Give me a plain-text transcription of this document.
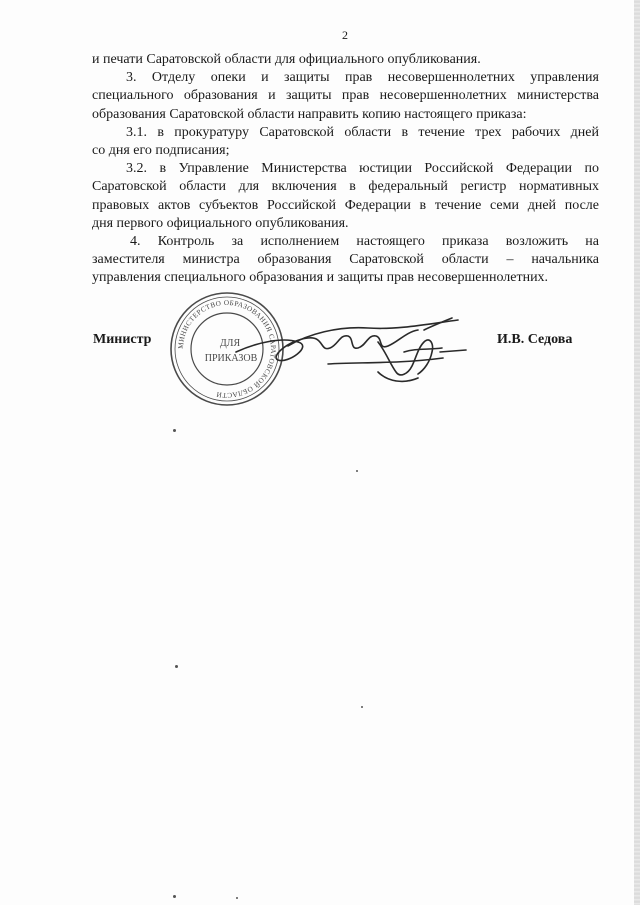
2
и печати Саратовской области для официального опубликования.
3. Отделу опеки и защиты прав несовершеннолетних управления
специального образования и защиты прав несовершеннолетних министерства
образования Саратовской области направить копию настоящего приказа:
3.1. в прокуратуру Саратовской области в течение трех рабочих дней
со дня его подписания;
3.2. в Управление Министерства юстиции Российской Федерации по
Саратовской области для включения в федеральный регистр нормативных
правовых актов субъектов Российской Федерации в течение семи дней после
дня первого официального опубликования.
4. Контроль за исполнением настоящего приказа возложить на
заместителя министра образования Саратовской области – начальника
управления специального образования и защиты прав несовершеннолетних.
МИНИСТЕРСТВО ОБРАЗОВАНИЯ САРАТОВСКОЙ ОБЛАСТИ
ДЛЯ
ПРИКАЗОВ
Министр	И.В. Седова
